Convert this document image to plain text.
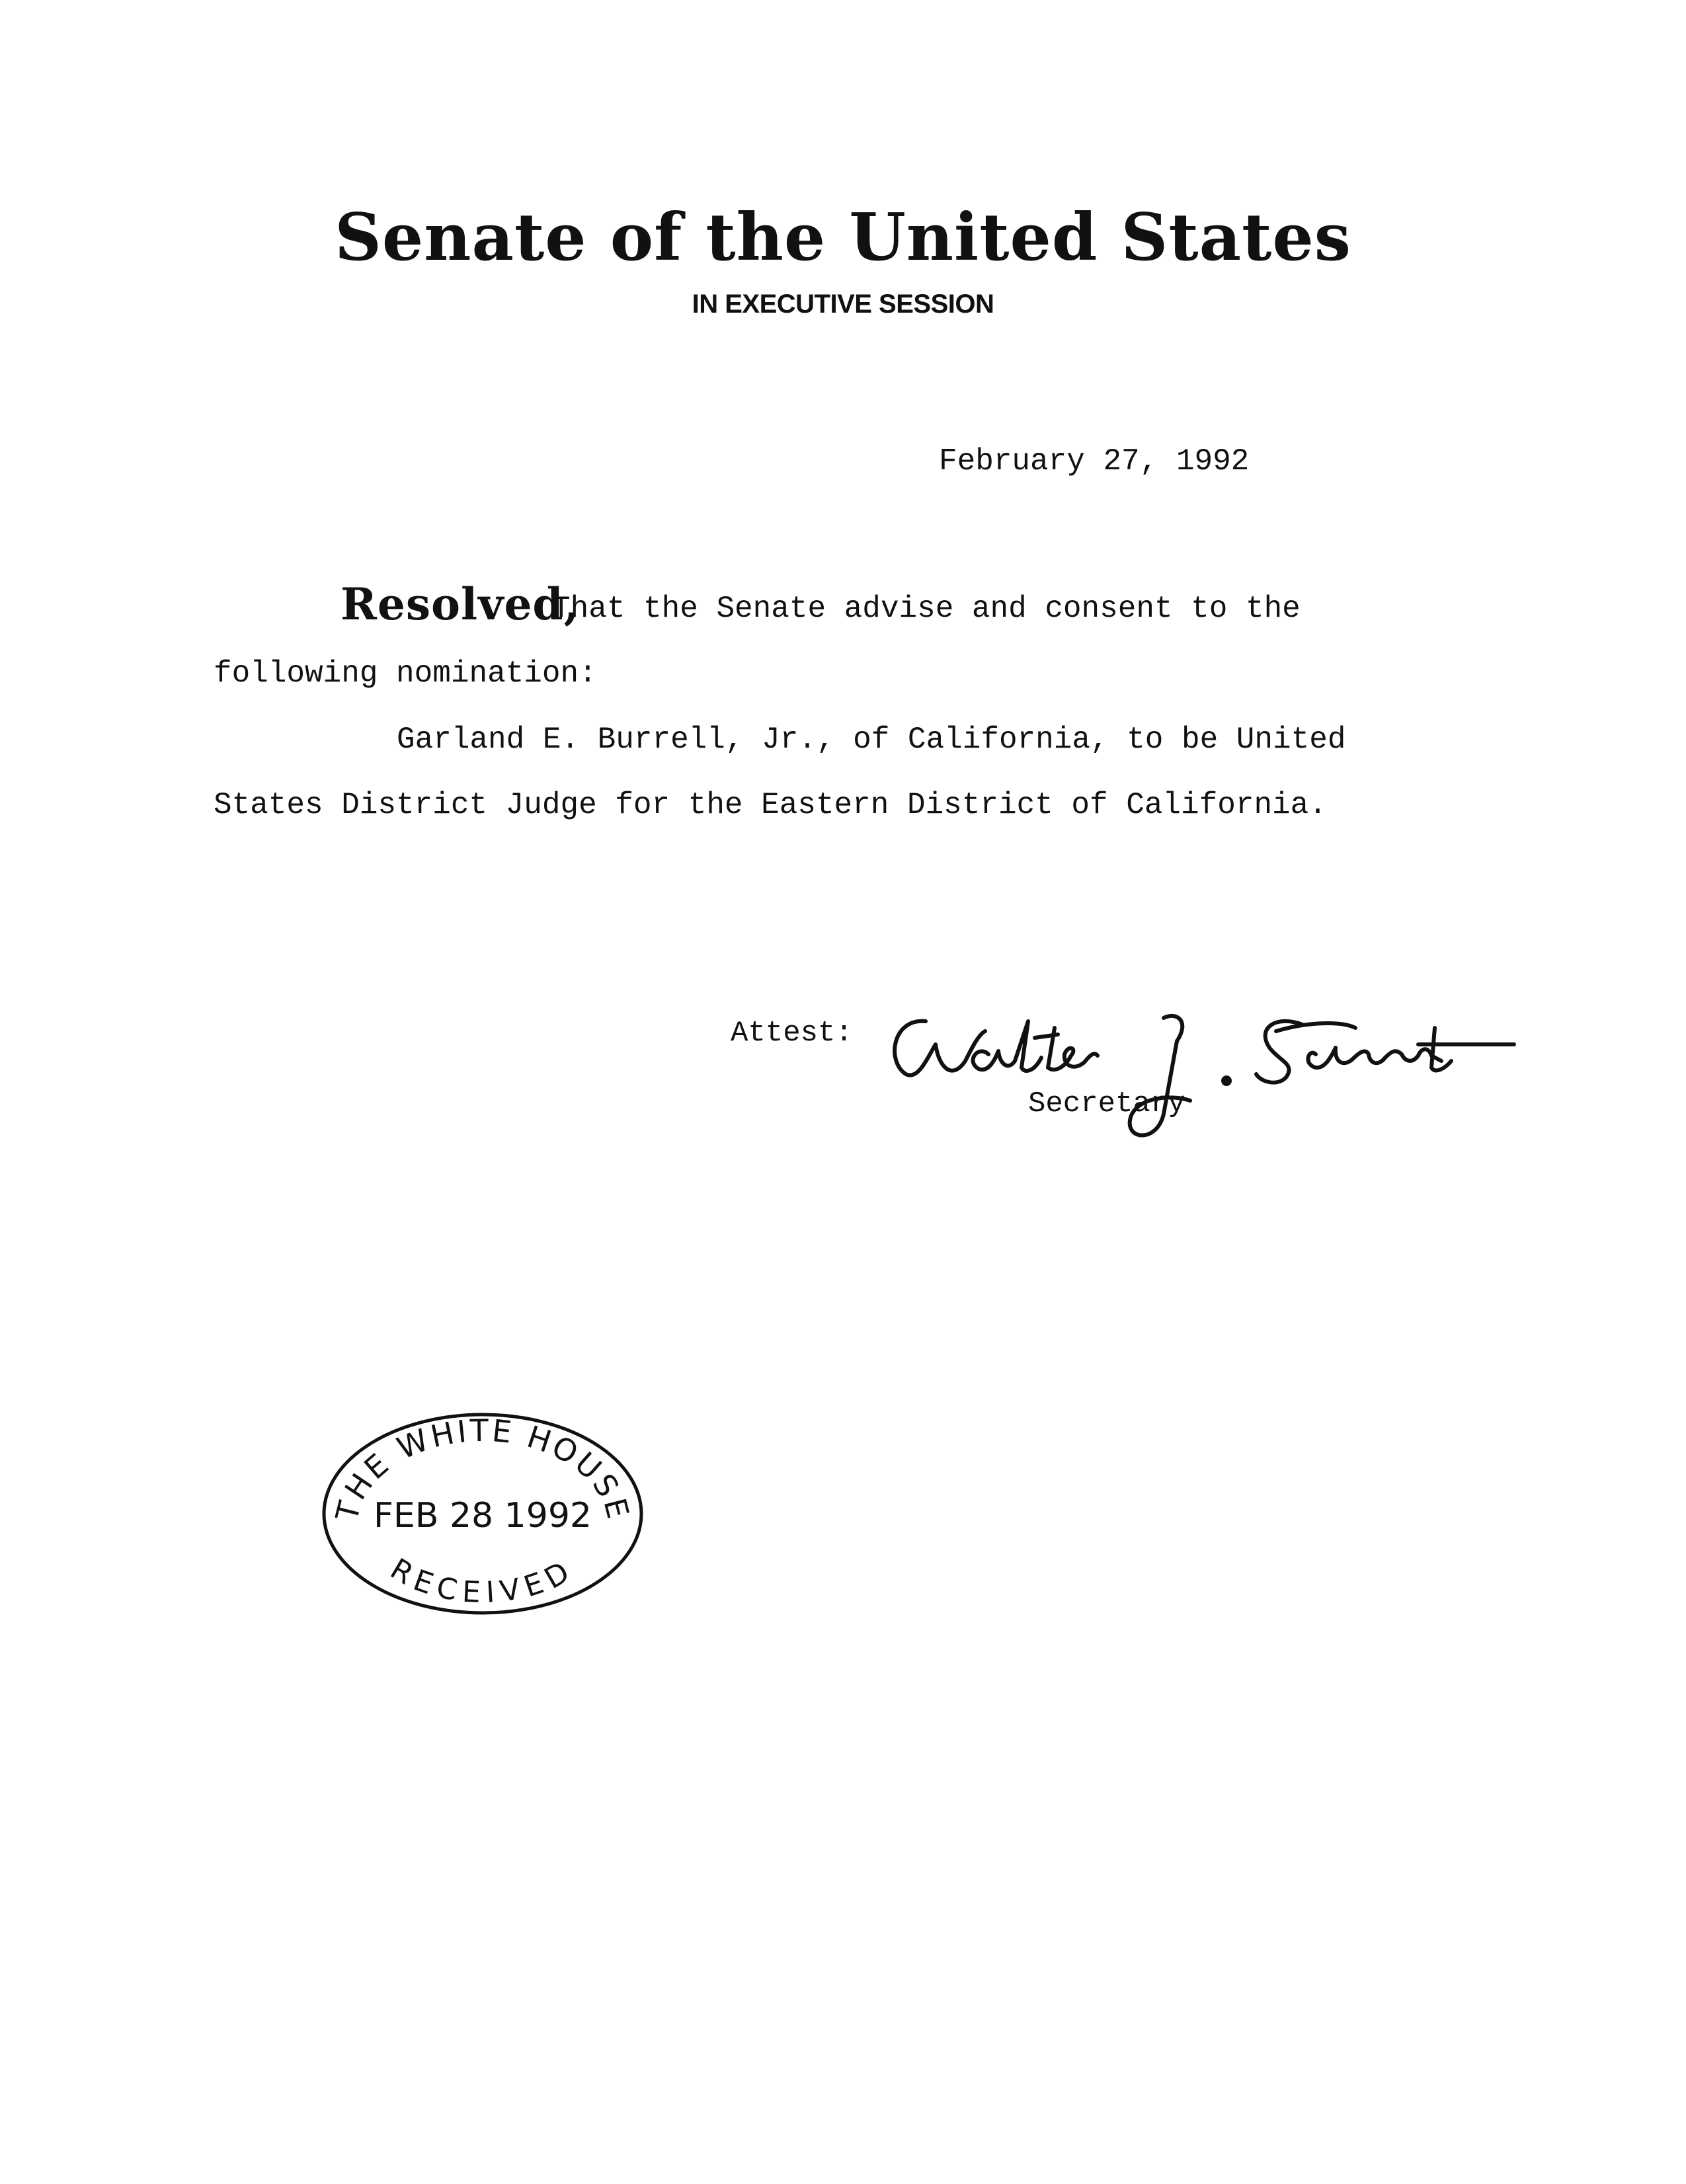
Senate of the United States
IN EXECUTIVE SESSION
February 27, 1992
Resolved,
That the Senate advise and consent to the
following nomination:
Garland E. Burrell, Jr., of California, to be United
States District Judge for the Eastern District of California.
Attest:
Secretary
THE WHITE HOUSE
FEB 28 1992
RECEIVED
